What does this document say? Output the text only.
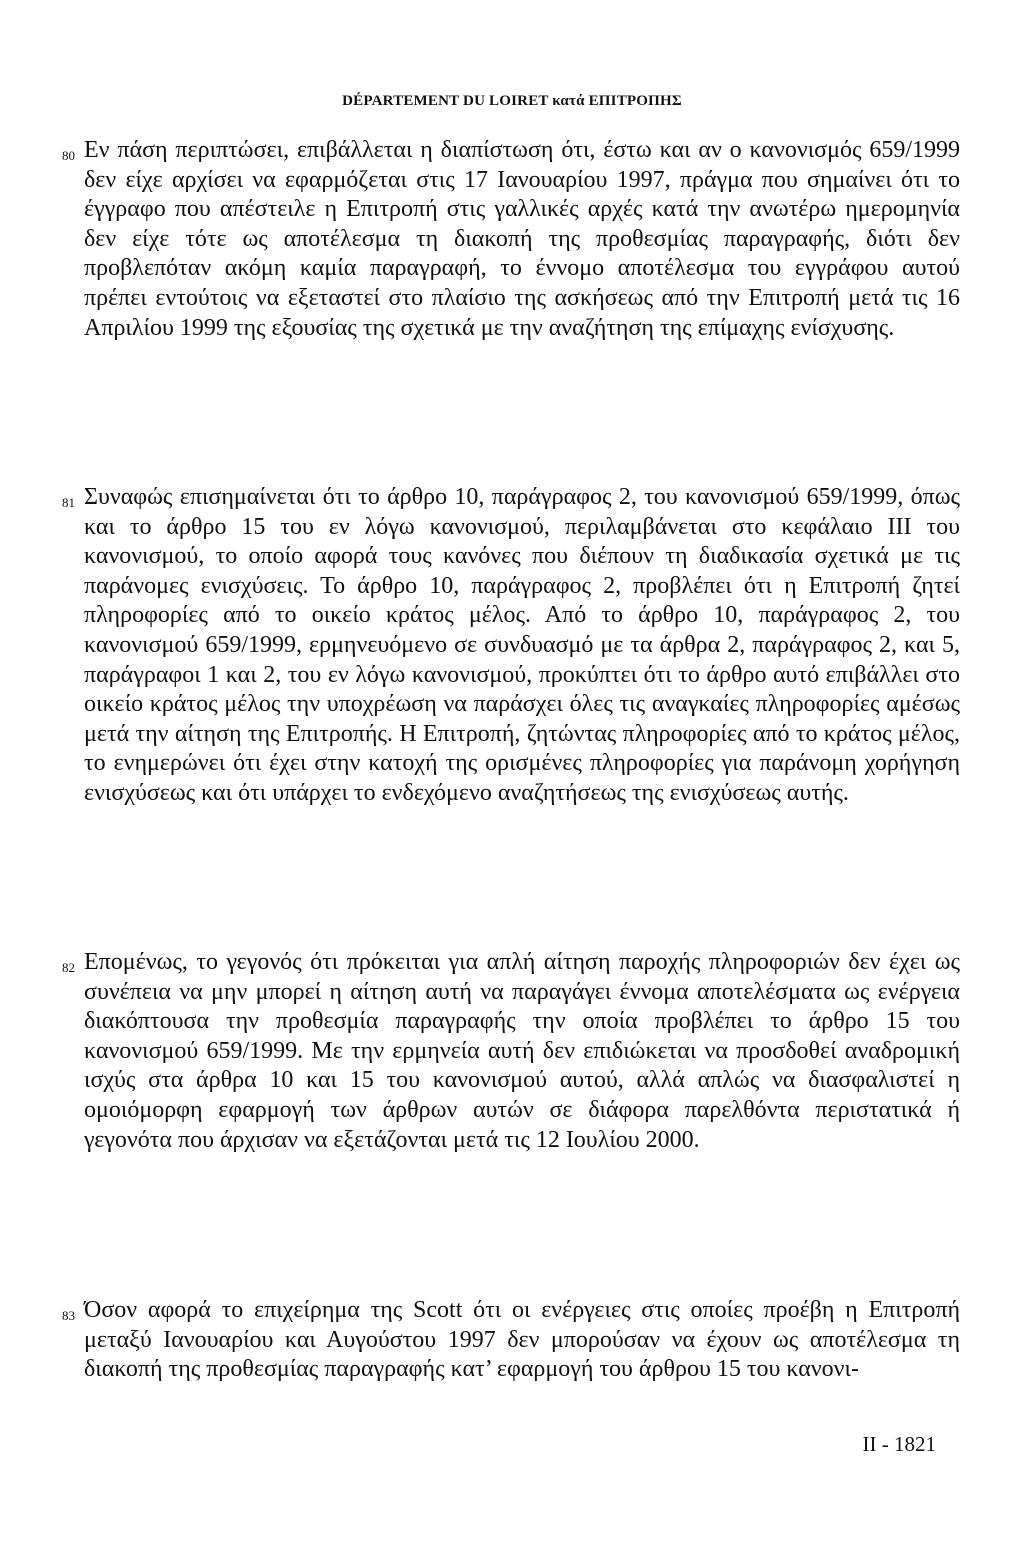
DÉPARTEMENT DU LOIRET κατά ΕΠΙΤΡΟΠΗΣ
80 Εν πάση περιπτώσει, επιβάλλεται η διαπίστωση ότι, έστω και αν ο κανονισμός 659/1999 δεν είχε αρχίσει να εφαρμόζεται στις 17 Ιανουαρίου 1997, πράγμα που σημαίνει ότι το έγγραφο που απέστειλε η Επιτροπή στις γαλλικές αρχές κατά την ανωτέρω ημερομηνία δεν είχε τότε ως αποτέλεσμα τη διακοπή της προθεσμίας παραγραφής, διότι δεν προβλεπόταν ακόμη καμία παραγραφή, το έννομο αποτέλεσμα του εγγράφου αυτού πρέπει εντούτοις να εξεταστεί στο πλαίσιο της ασκήσεως από την Επιτροπή μετά τις 16 Απριλίου 1999 της εξουσίας της σχετικά με την αναζήτηση της επίμαχης ενίσχυσης.

81 Συναφώς επισημαίνεται ότι το άρθρο 10, παράγραφος 2, του κανονισμού 659/1999, όπως και το άρθρο 15 του εν λόγω κανονισμού, περιλαμβάνεται στο κεφάλαιο ΙΙΙ του κανονισμού, το οποίο αφορά τους κανόνες που διέπουν τη διαδικασία σχετικά με τις παράνομες ενισχύσεις. Το άρθρο 10, παράγραφος 2, προβλέπει ότι η Επιτροπή ζητεί πληροφορίες από το οικείο κράτος μέλος. Από το άρθρο 10, παράγραφος 2, του κανονισμού 659/1999, ερμηνευόμενο σε συνδυασμό με τα άρθρα 2, παράγραφος 2, και 5, παράγραφοι 1 και 2, του εν λόγω κανονισμού, προκύπτει ότι το άρθρο αυτό επιβάλλει στο οικείο κράτος μέλος την υποχρέωση να παράσχει όλες τις αναγκαίες πληροφορίες αμέσως μετά την αίτηση της Επιτροπής. Η Επιτροπή, ζητώντας πληροφορίες από το κράτος μέλος, το ενημερώνει ότι έχει στην κατοχή της ορισμένες πληροφορίες για παράνομη χορήγηση ενισχύσεως και ότι υπάρχει το ενδεχόμενο αναζητήσεως της ενισχύσεως αυτής.

82 Επομένως, το γεγονός ότι πρόκειται για απλή αίτηση παροχής πληροφοριών δεν έχει ως συνέπεια να μην μπορεί η αίτηση αυτή να παραγάγει έννομα αποτελέσματα ως ενέργεια διακόπτουσα την προθεσμία παραγραφής την οποία προβλέπει το άρθρο 15 του κανονισμού 659/1999. Με την ερμηνεία αυτή δεν επιδιώκεται να προσδοθεί αναδρομική ισχύς στα άρθρα 10 και 15 του κανονισμού αυτού, αλλά απλώς να διασφαλιστεί η ομοιόμορφη εφαρμογή των άρθρων αυτών σε διάφορα παρελθόντα περιστατικά ή γεγονότα που άρχισαν να εξετάζονται μετά τις 12 Ιουλίου 2000.

83 Όσον αφορά το επιχείρημα της Scott ότι οι ενέργειες στις οποίες προέβη η Επιτροπή μεταξύ Ιανουαρίου και Αυγούστου 1997 δεν μπορούσαν να έχουν ως αποτέλεσμα τη διακοπή της προθεσμίας παραγραφής κατ’ εφαρμογή του άρθρου 15 του κανονι-

II - 1821
